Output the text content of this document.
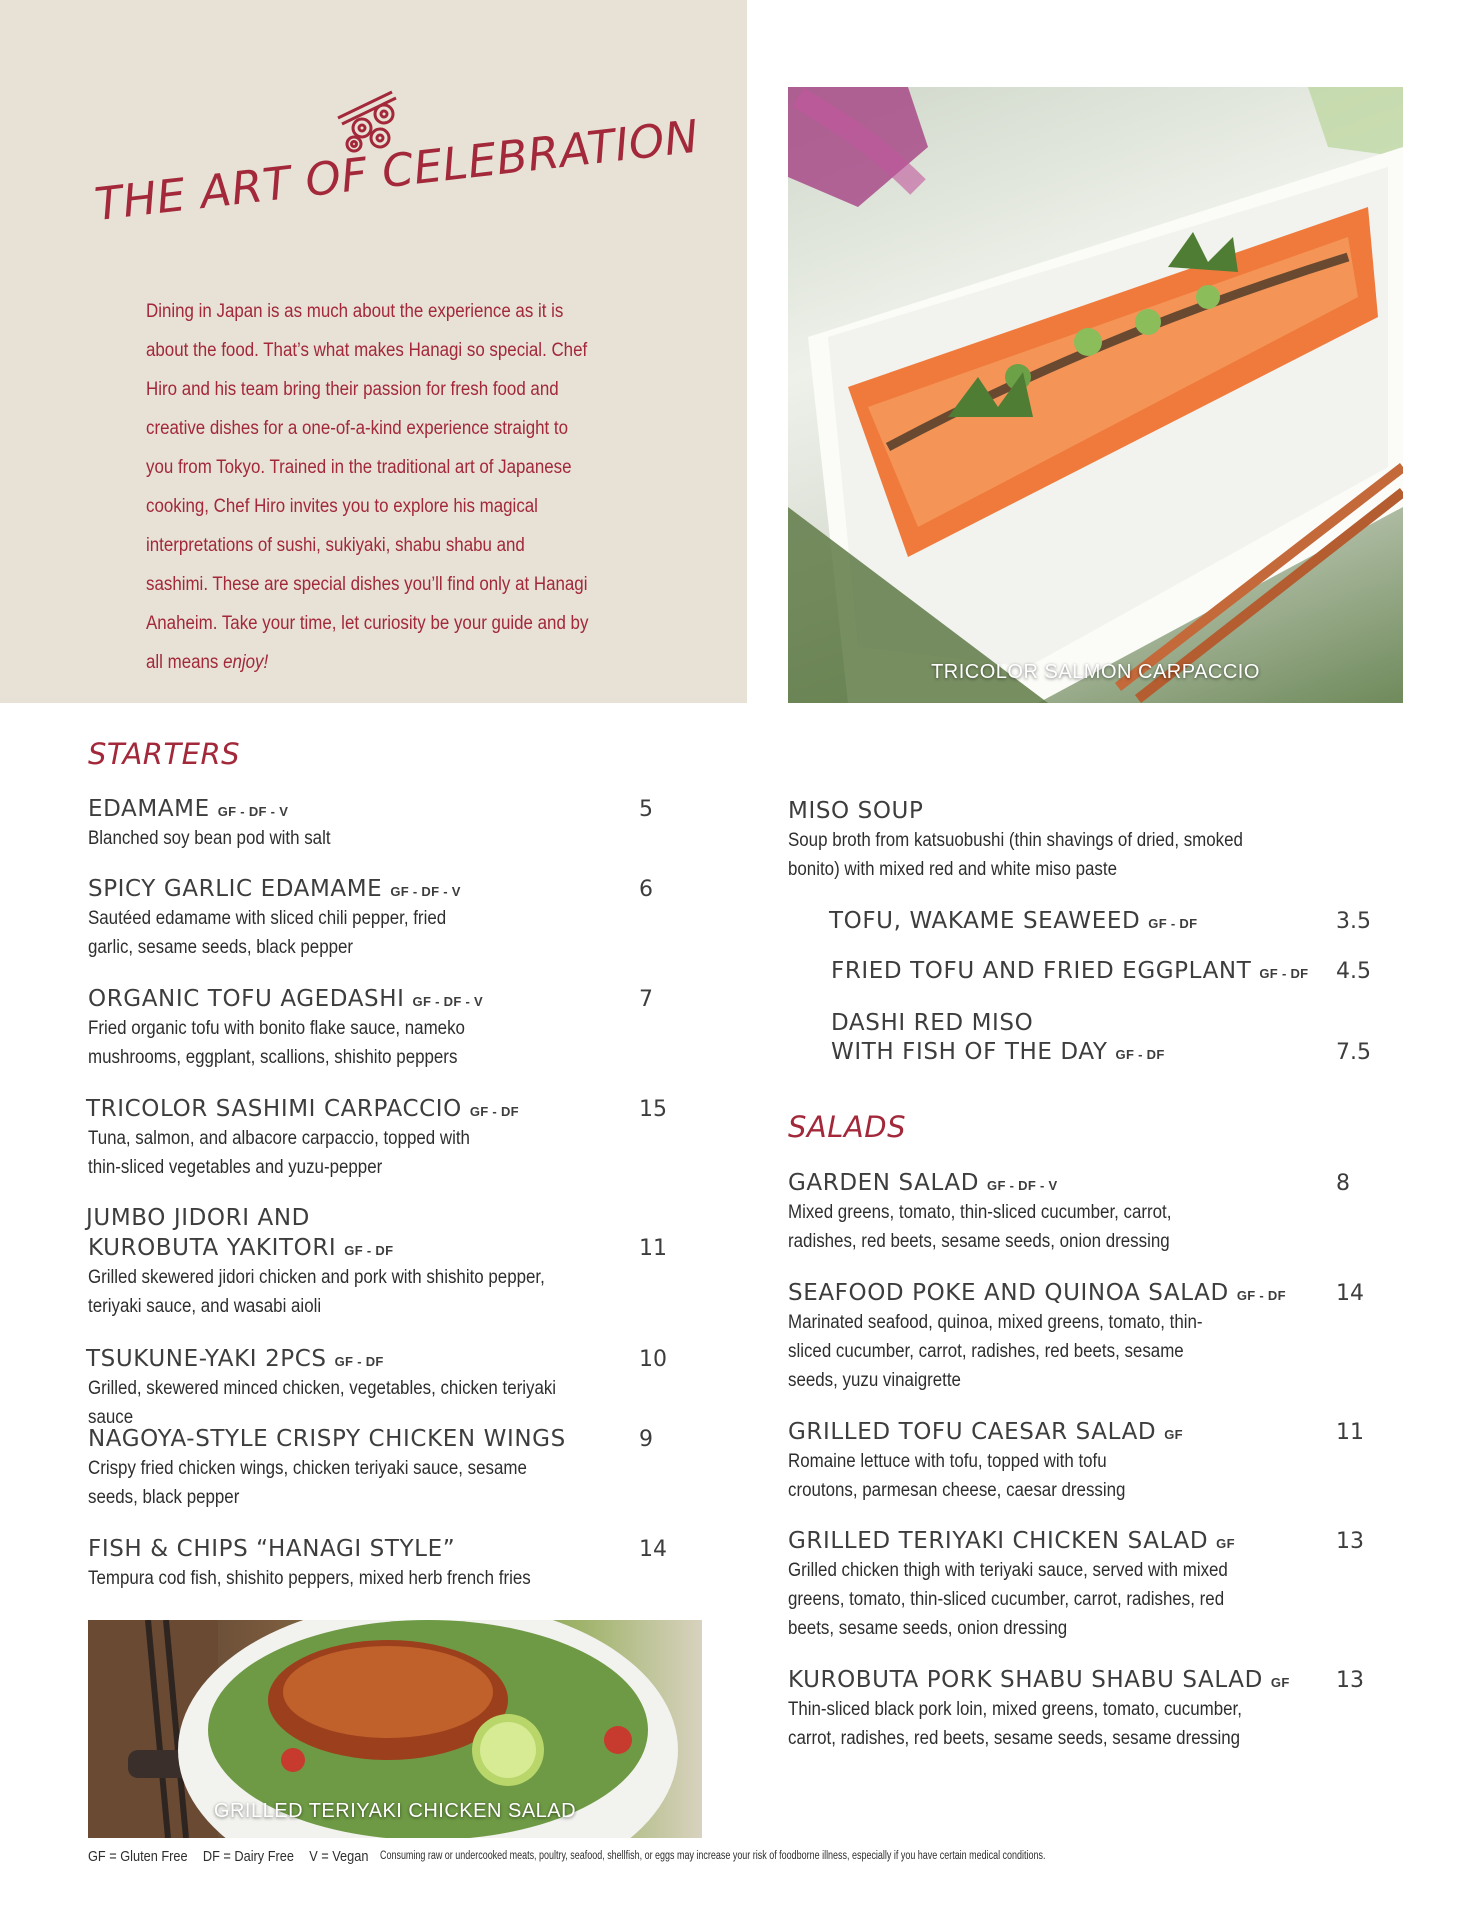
THE ART OF CELEBRATION

Dining in Japan is as much about the experience as it is about the food. That’s what makes Hanagi so special. Chef Hiro and his team bring their passion for fresh food and creative dishes for a one-of-a-kind experience straight to you from Tokyo. Trained in the traditional art of Japanese cooking, Chef Hiro invites you to explore his magical interpretations of sushi, sukiyaki, shabu shabu and sashimi. These are special dishes you’ll find only at Hanagi Anaheim. Take your time, let curiosity be your guide and by all means enjoy!	TRICOLOR SALMON CARPACCIO
STARTERS
EDAMAME GF - DF - V	5

Blanched soy bean pod with salt

SPICY GARLIC EDAMAME GF - DF - V	6

Sautéed edamame with sliced chili pepper, fried garlic, sesame seeds, black pepper

ORGANIC TOFU AGEDASHI GF - DF - V	7

Fried organic tofu with bonito flake sauce, nameko mushrooms, eggplant, scallions, shishito peppers

TRICOLOR SASHIMI CARPACCIO GF - DF	15

Tuna, salmon, and albacore carpaccio, topped with thin-sliced vegetables and yuzu-pepper

JUMBO JIDORI AND
KUROBUTA YAKITORI GF - DF	11

Grilled skewered jidori chicken and pork with shishito pepper, teriyaki sauce, and wasabi aioli

TSUKUNE-YAKI 2PCS GF - DF	10

Grilled, skewered minced chicken, vegetables, chicken teriyaki sauce

NAGOYA-STYLE CRISPY CHICKEN WINGS	9

Crispy fried chicken wings, chicken teriyaki sauce, sesame seeds, black pepper

FISH & CHIPS “HANAGI STYLE”	14

Tempura cod fish, shishito peppers, mixed herb french fries

GRILLED TERIYAKI CHICKEN SALAD
MISO SOUP

Soup broth from katsuobushi (thin shavings of dried, smoked bonito) with mixed red and white miso paste

TOFU, WAKAME SEAWEED GF - DF	3.5
FRIED TOFU AND FRIED EGGPLANT GF - DF 4.5
DASHI RED MISO
WITH FISH OF THE DAY GF - DF	7.5
SALADS
GARDEN SALAD GF - DF - V	8

Mixed greens, tomato, thin-sliced cucumber, carrot, radishes, red beets, sesame seeds, onion dressing

SEAFOOD POKE AND QUINOA SALAD GF - DF 14

Marinated seafood, quinoa, mixed greens, tomato, thin-sliced cucumber, carrot, radishes, red beets, sesame seeds, yuzu vinaigrette

GRILLED TOFU CAESAR SALAD GF	11

Romaine lettuce with tofu, topped with tofu croutons, parmesan cheese, caesar dressing

GRILLED TERIYAKI CHICKEN SALAD GF	13

Grilled chicken thigh with teriyaki sauce, served with mixed greens, tomato, thin-sliced cucumber, carrot, radishes, red beets, sesame seeds, onion dressing

KUROBUTA PORK SHABU SHABU SALAD GF 13

Thin-sliced black pork loin, mixed greens, tomato, cucumber, carrot, radishes, red beets, sesame seeds, sesame dressing

GF = Gluten Free DF = Dairy Free V = Vegan Consuming raw or undercooked meats, poultry, seafood, shellfish, or eggs may increase your risk of foodborne illness, especially if you have certain medical conditions.
